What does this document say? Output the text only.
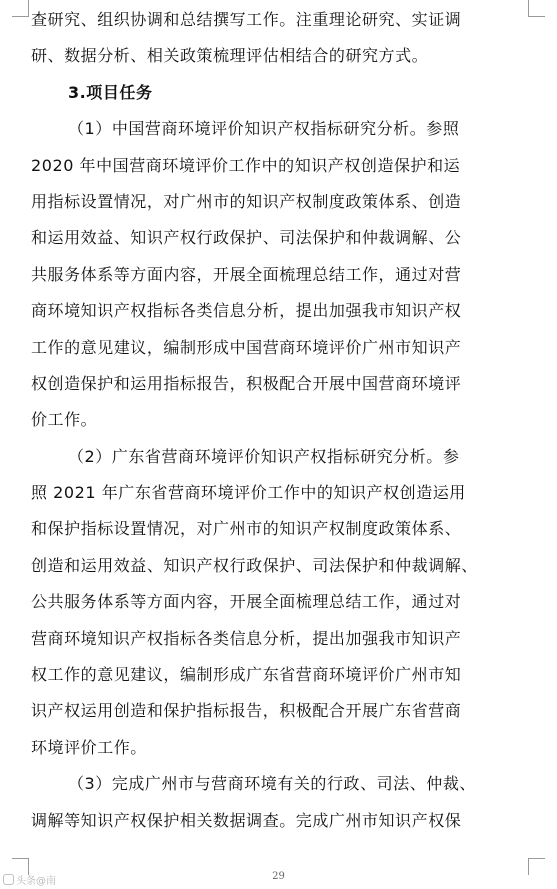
查研究、组织协调和总结撰写工作。注重理论研究、实证调
研、数据分析、相关政策梳理评估相结合的研究方式。
3.项目任务
（1）中国营商环境评价知识产权指标研究分析。参照
2020 年中国营商环境评价工作中的知识产权创造保护和运
用指标设置情况，对广州市的知识产权制度政策体系、创造
和运用效益、知识产权行政保护、司法保护和仲裁调解、公
共服务体系等方面内容，开展全面梳理总结工作，通过对营
商环境知识产权指标各类信息分析，提出加强我市知识产权
工作的意见建议，编制形成中国营商环境评价广州市知识产
权创造保护和运用指标报告，积极配合开展中国营商环境评
价工作。
（2）广东省营商环境评价知识产权指标研究分析。参
照 2021 年广东省营商环境评价工作中的知识产权创造运用
和保护指标设置情况，对广州市的知识产权制度政策体系、
创造和运用效益、知识产权行政保护、司法保护和仲裁调解、
公共服务体系等方面内容，开展全面梳理总结工作，通过对
营商环境知识产权指标各类信息分析，提出加强我市知识产
权工作的意见建议，编制形成广东省营商环境评价广州市知
识产权运用创造和保护指标报告，积极配合开展广东省营商
环境评价工作。
（3）完成广州市与营商环境有关的行政、司法、仲裁、
调解等知识产权保护相关数据调查。完成广州市知识产权保
29
头条@南
